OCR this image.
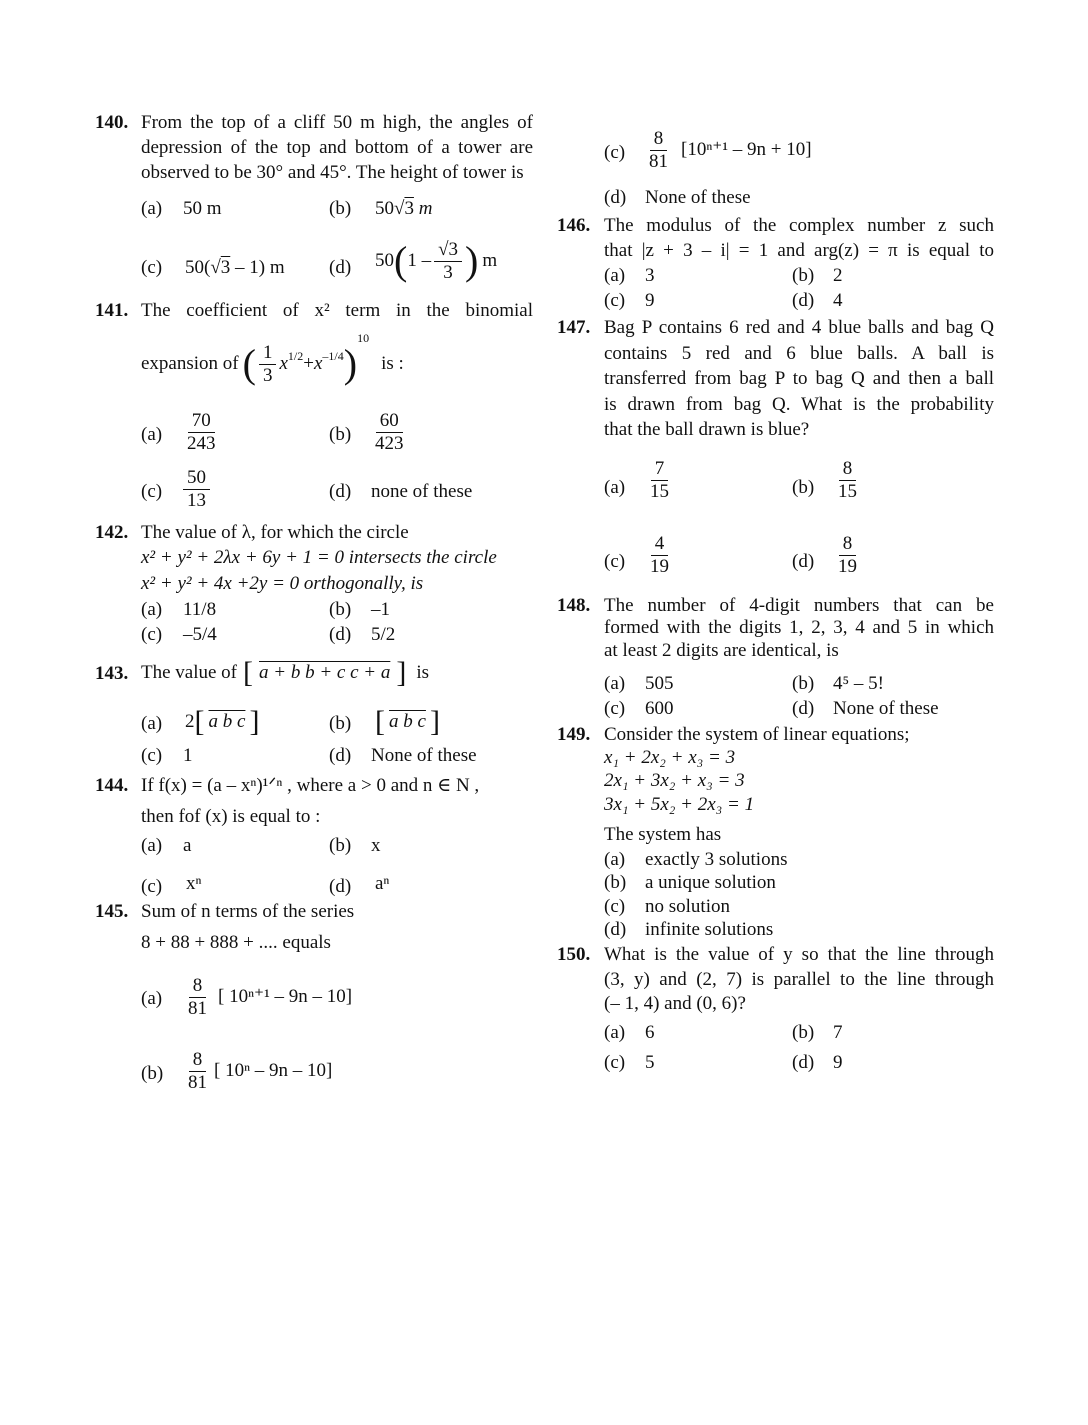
140. From the top of a cliff 50 m high, the angles of
depression of the top and bottom of a tower are
observed to be 30° and 45°. The height of tower is
(a) 50 m	(b) 50√3 m
(c) 50(√3 – 1) m (d) 50 ( $1 - \frac{√3}{3}$ ) m
141. The coefficient of x² term in the binomial
expansion of ( $\frac{1}{3} x^{1/2} + x^{-1/4}$ )
$^{10}$
is :
$(a) \frac{70}{243}$	$(b) \frac{60}{423}$
$(c) \frac{50}{13}$	(d) none of these
142. The value of λ, for which the circle
x² + y² + 2λx + 6y + 1 = 0 intersects the circle
x² + y² + 4x +2y = 0 orthogonally, is
(a) 11/8	(b) –1
(c) –5/4	(d) 5/2
143. The value of [ a + b b + c c + a ] is
(a) 2 [ a b c ]	(b) [ a b c ]
(c) 1	(d) None of these
144. If f(x) = (a – xⁿ)¹ᐟⁿ , where a > 0 and n ∈ N ,
then fof (x) is equal to :
(a) a	(b) x
(c) xⁿ	(d) aⁿ
145. Sum of n terms of the series
8 + 88 + 888 + .... equals
$(a) \frac{8}{81}$ [ 10ⁿ⁺¹ – 9n – 10]
$(b) \frac{8}{81}$ [ 10ⁿ – 9n – 10]
$(c) \frac{8}{81} [10^{n+1} - 9n + 10]$
(d) None of these
146. The modulus of the complex number z such
that |z + 3 – i| = 1 and arg(z) = π is equal to
(a) 3	(b) 2
(c) 9	(d) 4
147. Bag P contains 6 red and 4 blue balls and bag Q
contains 5 red and 6 blue balls. A ball is
transferred from bag P to bag Q and then a ball
is drawn from bag Q. What is the probability
that the ball drawn is blue?
$(a) \frac{7}{15}$	$(b) \frac{8}{15}$
$(c) \frac{4}{19}$	$(d) \frac{8}{19}$
148. The number of 4-digit numbers that can be
formed with the digits 1, 2, 3, 4 and 5 in which
at least 2 digits are identical, is
(a) 505	(b) 4⁵ – 5!
(c) 600	(d) None of these
149. Consider the system of linear equations;
x₁ + 2x₂ + x₃ = 3
2x₁ + 3x₂ + x₃ = 3
3x₁ + 5x₂ + 2x₃ = 1
The system has
(a) exactly 3 solutions
(b) a unique solution
(c) no solution
(d) infinite solutions
150. What is the value of y so that the line through
(3, y) and (2, 7) is parallel to the line through
(– 1, 4) and (0, 6)?
(a) 6	(b) 7
(c) 5	(d) 9
